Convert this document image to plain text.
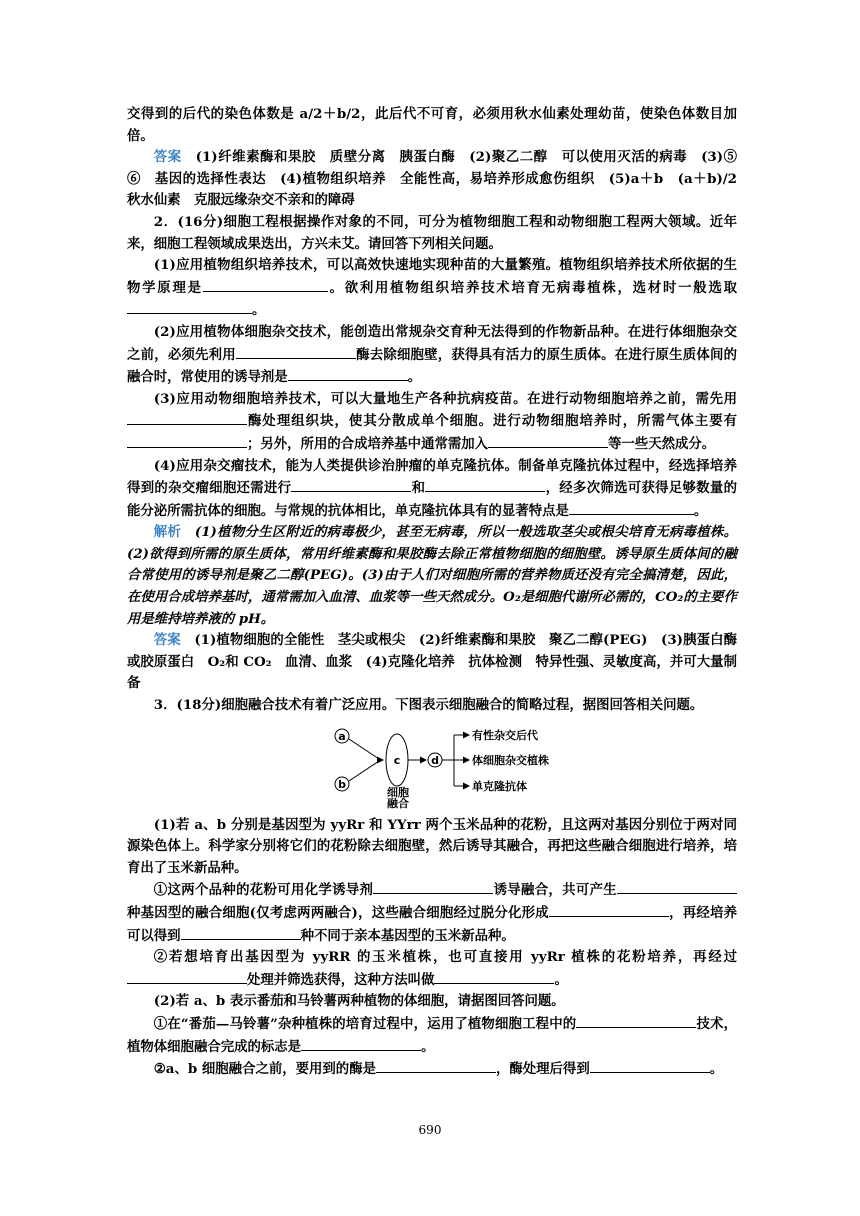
交得到的后代的染色体数是 a/2＋b/2，此后代不可育，必须用秋水仙素处理幼苗，使染色体数目加倍。

答案　 (1)纤维素酶和果胶　质壁分离　胰蛋白酶　(2)聚乙二醇　可以使用灭活的病毒　(3)⑤　⑥　基因的选择性表达　(4)植物组织培养　全能性高，易培养形成愈伤组织　(5)a＋b　(a＋b)/2　秋水仙素　克服远缘杂交不亲和的障碍

2．(16分)细胞工程根据操作对象的不同，可分为植物细胞工程和动物细胞工程两大领域。近年来，细胞工程领域成果迭出，方兴未艾。请回答下列相关问题。

(1)应用植物组织培养技术，可以高效快速地实现种苗的大量繁殖。植物组织培养技术所依据的生物学原理是	。欲利用植物组织培养技术培育无病毒植株，选材时一般选取。

(2)应用植物体细胞杂交技术，能创造出常规杂交育种无法得到的作物新品种。在进行体细胞杂交之前，必须先利用	酶去除细胞壁，获得具有活力的原生质体。在进行原生质体间的融合时，常使用的诱导剂是	。

(3)应用动物细胞培养技术，可以大量地生产各种抗病疫苗。在进行动物细胞培养之前，需先用酶处理组织块，使其分散成单个细胞。进行动物细胞培养时，所需气体主要有；另外，所用的合成培养基中通常需加入	等一些天然成分。

(4)应用杂交瘤技术，能为人类提供诊治肿瘤的单克隆抗体。制备单克隆抗体过程中，经选择培养得到的杂交瘤细胞还需进行	和	，经多次筛选可获得足够数量的能分泌所需抗体的细胞。与常规的抗体相比，单克隆抗体具有的显著特点是	。

解析　 (1)植物分生区附近的病毒极少，甚至无病毒，所以一般选取茎尖或根尖培育无病毒植株。(2)欲得到所需的原生质体，常用纤维素酶和果胶酶去除正常植物细胞的细胞壁。诱导原生质体间的融合常使用的诱导剂是聚乙二醇(PEG)。(3)由于人们对细胞所需的营养物质还没有完全搞清楚，因此，在使用合成培养基时，通常需加入血清、血浆等一些天然成分。O₂是细胞代谢所必需的，CO₂的主要作用是维持培养液的 pH。

答案　 (1)植物细胞的全能性　茎尖或根尖　(2)纤维素酶和果胶　聚乙二醇(PEG)　(3)胰蛋白酶或胶原蛋白　O₂和 CO₂　血清、血浆　(4)克隆化培养　抗体检测　特异性强、灵敏度高，并可大量制备

3．(18分)细胞融合技术有着广泛应用。下图表示细胞融合的简略过程，据图回答相关问题。

a
b
c	d
有性杂交后代
体细胞杂交植株
单克隆抗体
细胞融合

(1)若 a、b 分别是基因型为 yyRr 和 YYrr 两个玉米品种的花粉，且这两对基因分别位于两对同源染色体上。科学家分别将它们的花粉除去细胞壁，然后诱导其融合，再把这些融合细胞进行培养，培育出了玉米新品种。

①这两个品种的花粉可用化学诱导剂	诱导融合，共可产生种基因型的融合细胞(仅考虑两两融合)，这些融合细胞经过脱分化形成	，再经培养可以得到	种不同于亲本基因型的玉米新品种。

②若想培育出基因型为 yyRR 的玉米植株，也可直接用 yyRr 植株的花粉培养，再经过处理并筛选获得，这种方法叫做	。

(2)若 a、b 表示番茄和马铃薯两种植物的体细胞，请据图回答问题。

①在“番茄—马铃薯”杂种植株的培育过程中，运用了植物细胞工程中的	技术，植物体细胞融合完成的标志是	。

②a、b 细胞融合之前，要用到的酶是	，酶处理后得到	。

690
